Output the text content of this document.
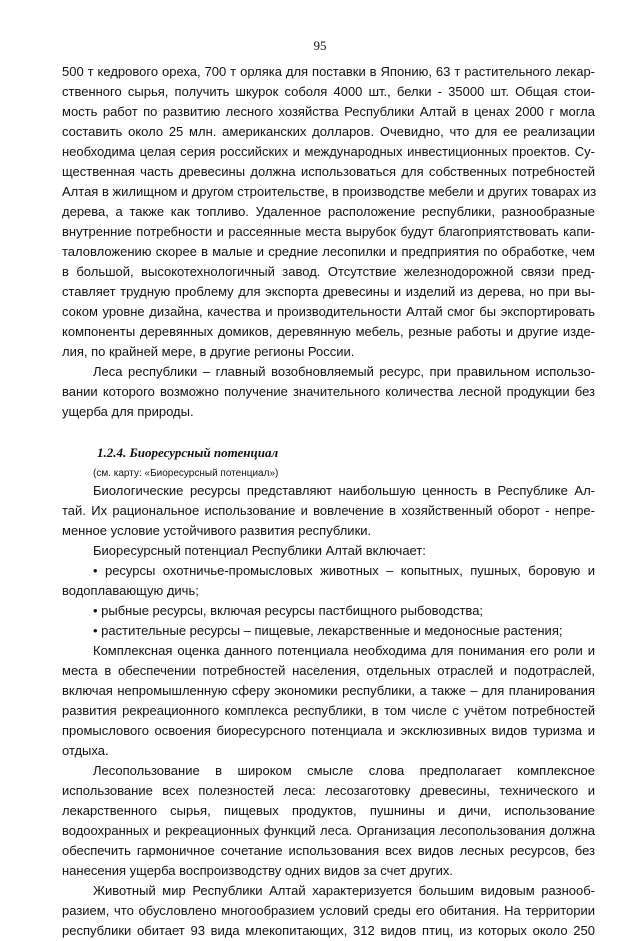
95
500 т кедрового ореха, 700 т орляка для поставки в Японию, 63 т растительного лекар-
ственного сырья, получить шкурок соболя 4000 шт., белки - 35000 шт. Общая стои-
мость работ по развитию лесного хозяйства Республики Алтай в ценах 2000 г могла
составить около 25 млн. американских долларов. Очевидно, что для ее реализации
необходима целая серия российских и международных инвестиционных проектов. Су-
щественная часть древесины должна использоваться для собственных потребностей
Алтая в жилищном и другом строительстве, в производстве мебели и других товарах из
дерева, а также как топливо. Удаленное расположение республики, разнообразные
внутренние потребности и рассеянные места вырубок будут благоприятствовать капи-
таловложению скорее в малые и средние лесопилки и предприятия по обработке, чем
в большой, высокотехнологичный завод. Отсутствие железнодорожной связи пред-
ставляет трудную проблему для экспорта древесины и изделий из дерева, но при вы-
соком уровне дизайна, качества и производительности Алтай смог бы экспортировать
компоненты деревянных домиков, деревянную мебель, резные работы и другие изде-
лия, по крайней мере, в другие регионы России.
Леса республики – главный возобновляемый ресурс, при правильном использо-
вании которого возможно получение значительного количества лесной продукции без
ущерба для природы.
1.2.4. Биоресурсный потенциал
(см. карту: «Биоресурсный потенциал»)
Биологические ресурсы представляют наибольшую ценность в Республике Ал-
тай. Их рациональное использование и вовлечение в хозяйственный оборот - непре-
менное условие устойчивого развития республики.
Биоресурсный потенциал Республики Алтай включает:
• ресурсы охотничье-промысловых животных – копытных, пушных, боровую и
водоплавающую дичь;
• рыбные ресурсы, включая ресурсы пастбищного рыбоводства;
• растительные ресурсы – пищевые, лекарственные и медоносные растения;
Комплексная оценка данного потенциала необходима для понимания его роли и
места в обеспечении потребностей населения, отдельных отраслей и подотраслей,
включая непромышленную сферу экономики республики, а также – для планирования
развития рекреационного комплекса республики, в том числе с учётом потребностей
промыслового освоения биоресурсного потенциала и эксклюзивных видов туризма и
отдыха.
Лесопользование в широком смысле слова предполагает комплексное
использование всех полезностей леса: лесозаготовку древесины, технического и
лекарственного сырья, пищевых продуктов, пушнины и дичи, использование
водоохранных и рекреационных функций леса. Организация лесопользования должна
обеспечить гармоничное сочетание использования всех видов лесных ресурсов, без
нанесения ущерба воспроизводству одних видов за счет других.
Животный мир Республики Алтай характеризуется большим видовым разнооб-
разием, что обусловлено многообразием условий среды его обитания. На территории
республики обитает 93 вида млекопитающих, 312 видов птиц, из которых около 250
